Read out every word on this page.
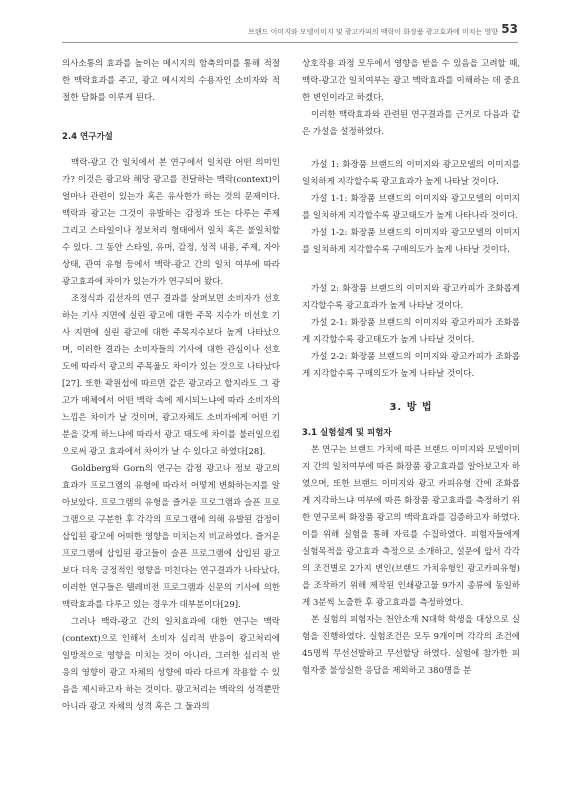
브랜드 이미지와 모델이미지 및 광고카피의 맥락이 화장품 광고효과에 미치는 영향 53

의사소통의 효과를 높이는 메시지의 함축의미를 통해 적절한 맥락효과를 주고, 광고 메시지의 수용자인 소비자와 적절한 담화를 이루게 된다.

2.4 연구가설

맥락-광고 간 일치에서 본 연구에서 일치란 어떤 의미인가? 이것은 광고와 해당 광고를 전달하는 맥락(context)이 얼마나 관련이 있는가 혹은 유사한가 하는 것의 문제이다. 맥락과 광고는 그것이 유발하는 감정과 또는 다루는 주제 그리고 스타일이나 정보처리 형태에서 일치 혹은 불일치할 수 있다. 그 동안 스타일, 유머, 감정, 성적 내용, 주제, 자아 상태, 관여 유형 등에서 맥락-광고 간의 일치 여부에 따라 광고효과에 차이가 있는가가 연구되어 왔다.

조정식과 김선자의 연구 결과를 살펴보면 소비자가 선호하는 기사 지면에 실린 광고에 대한 주목 지수가 비선호 기사 지면에 실린 광고에 대한 주목지수보다 높게 나타났으며, 이러한 결과는 소비자들의 기사에 대한 관심이나 선호도에 따라서 광고의 주목율도 차이가 있는 것으로 나타났다[27]. 또한 곽원섭에 따르면 같은 광고라고 할지라도 그 광고가 매체에서 어떤 맥락 속에 제시되느냐에 따라 소비자의 느낌은 차이가 날 것이며, 광고자체도 소비자에게 어떤 기분을 갖게 하느냐에 따라서 광고 태도에 차이를 불러일으킴으로써 광고 효과에서 차이가 날 수 있다고 하였다[28].

Goldberg와 Gorn의 연구는 감정 광고나 정보 광고의 효과가 프로그램의 유형에 따라서 어떻게 변화하는지를 알아보았다. 프로그램의 유형을 즐거운 프로그램과 슬픈 프로그램으로 구분한 후 각각의 프로그램에 의해 유발된 감정이 삽입된 광고에 어떠한 영향을 미치는지 비교하였다. 즐거운 프로그램에 삽입된 광고들이 슬픈 프로그램에 삽입된 광고보다 더욱 긍정적인 영향을 미친다는 연구결과가 나타났다. 이러한 연구들은 텔레비전 프로그램과 신문의 기사에 의한 맥락효과를 다루고 있는 경우가 대부분이다[29].

그러나 맥락-광고 간의 일치효과에 대한 연구는 맥락(context)으로 인해서 소비자 심리적 반응이 광고처리에 일방적으로 영향을 미치는 것이 아니라, 그러한 심리적 반응의 영향이 광고 자체의 성향에 따라 다르게 작용할 수 있음을 제시하고자 하는 것이다. 광고처리는 맥락의 성격뿐만 아니라 광고 자체의 성격 혹은 그 둘과의

상호작용 과정 모두에서 영향을 받을 수 있음을 고려할 때, 맥락-광고간 일치여부는 광고 맥락효과를 이해하는 데 중요한 변인이라고 하겠다.

이러한 맥락효과와 관련된 연구결과를 근거로 다음과 같은 가설을 설정하였다.

가설 1: 화장품 브랜드의 이미지와 광고모델의 이미지를 일치하게 지각할수록 광고효과가 높게 나타날 것이다.

가설 1-1: 화장품 브랜드의 이미지와 광고모델의 이미지를 일치하게 지각할수록 광고태도가 높게 나타나라 것이다.

가설 1-2: 화장품 브랜드의 이미지와 광고모델의 이미지를 일치하게 지각할수록 구매의도가 높게 나타날 것이다.

가설 2: 화장품 브랜드의 이미지와 광고카피가 조화롭게 지각할수록 광고효과가 높게 나타날 것이다.

가설 2-1: 화장품 브랜드의 이미지와 광고카피가 조화롭게 지각할수록 광고태도가 높게 나타날 것이다.

가설 2-2: 화장품 브랜드의 이미지와 광고카피가 조화롭게 지각할수록 구매의도가 높게 나타날 것이다.

3. 방 법

3.1 실험설계 및 피험자

본 연구는 브랜드 가치에 따른 브랜드 이미지와 모델이미지 간의 일치여부에 따른 화장품 광고효과를 알아보고자 하였으며, 또한 브랜드 이미지와 광고 카피유형 간에 조화롭게 지각하느냐 여부에 따른 화장품 광고효과를 측정하기 위한 연구로써 화장품 광고의 맥락효과를 검증하고자 하였다. 이를 위해 실험을 통해 자료를 수집하였다. 피험자들에게 실험목적을 광고효과 측정으로 소개하고, 설문에 앞서 각각의 조건별로 2가지 변인(브랜드 가치유형인 광고카피유형)을 조작하기 위해 제작된 인쇄광고물 9가지 종류에 동일하게 3분씩 노출한 후 광고효과를 측정하였다.

본 실험의 피험자는 천안소재 N대학 학생을 대상으로 실험을 진행하였다. 실험조건은 모두 9개이며 각각의 조건에 45명씩 무선선발하고 무선할당 하였다. 실험에 참가한 피험자중 불성실한 응답을 제외하고 380명을 분
